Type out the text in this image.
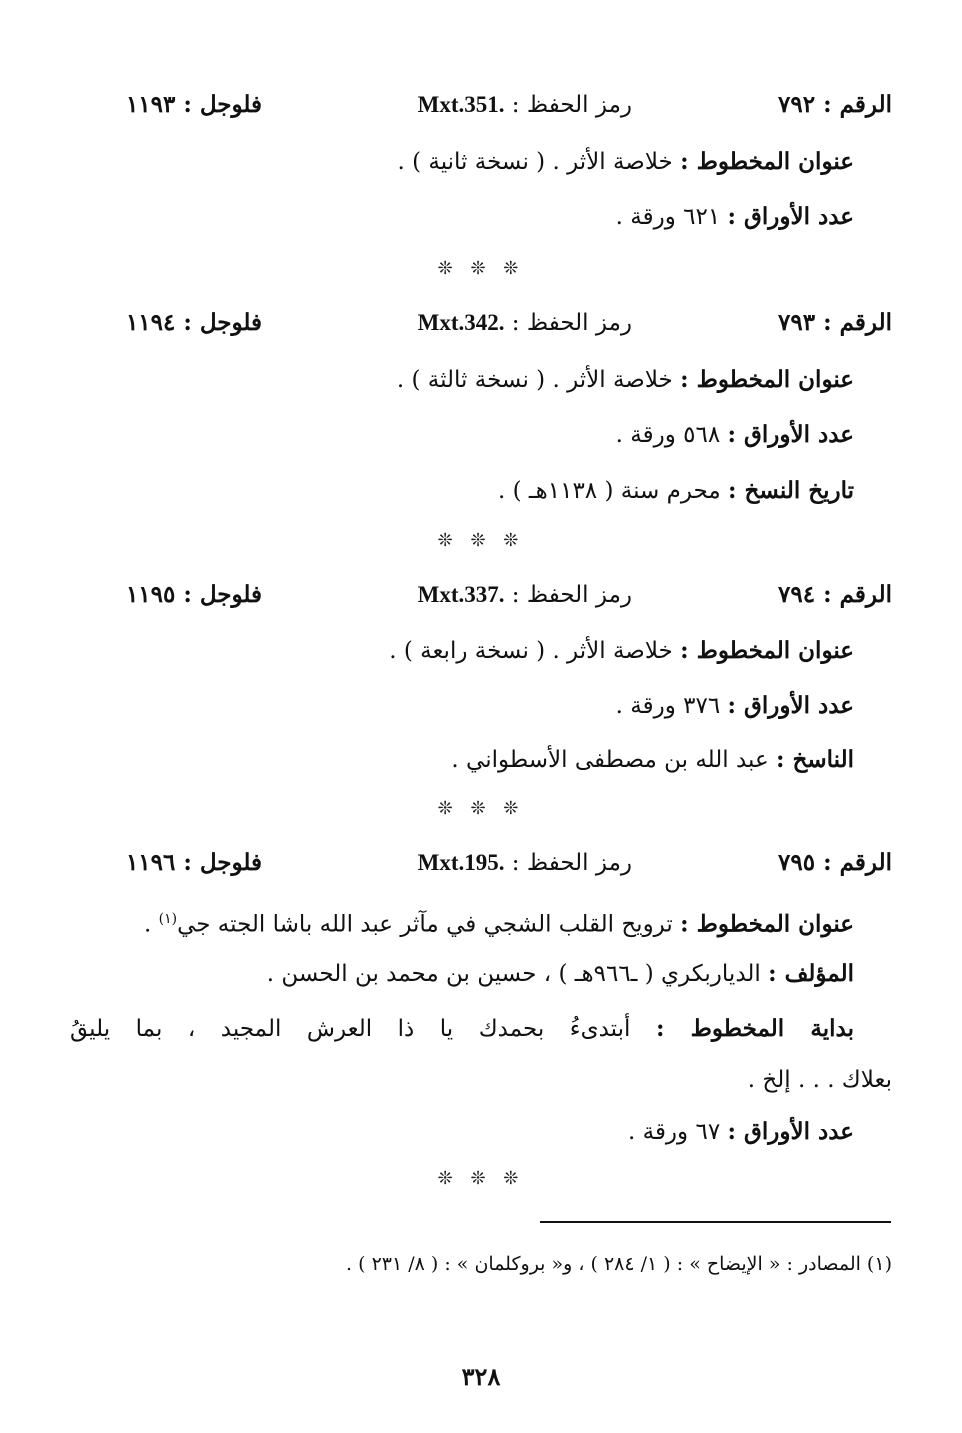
الرقم : ٧٩٢
رمز الحفظ : Mxt.351.
فلوجل : ١١٩٣
عنوان المخطوط : خلاصة الأثر . ( نسخة ثانية ) .
عدد الأوراق : ٦٢١ ورقة .
❊ ❊ ❊
الرقم : ٧٩٣
رمز الحفظ : Mxt.342.
فلوجل : ١١٩٤
عنوان المخطوط : خلاصة الأثر . ( نسخة ثالثة ) .
عدد الأوراق : ٥٦٨ ورقة .
تاريخ النسخ : محرم سنة ( ١١٣٨هـ ) .
❊ ❊ ❊
الرقم : ٧٩٤
رمز الحفظ : Mxt.337.
فلوجل : ١١٩٥
عنوان المخطوط : خلاصة الأثر . ( نسخة رابعة ) .
عدد الأوراق : ٣٧٦ ورقة .
الناسخ : عبد الله بن مصطفى الأسطواني .
❊ ❊ ❊
الرقم : ٧٩٥
رمز الحفظ : Mxt.195.
فلوجل : ١١٩٦
عنوان المخطوط : ترويح القلب الشجي في مآثر عبد الله باشا الجته جي$^{(١)}$ .
المؤلف : الدياربكري ( ـ٩٦٦هـ ) ، حسين بن محمد بن الحسن .
بداية المخطوط : أبتدىءُ بحمدك يا ذا العرش المجيد ، بما يليقُ
بعلاك . . . إلخ .
عدد الأوراق : ٦٧ ورقة .
❊ ❊ ❊
(١) المصادر : « الإيضاح » : ( ١/ ٢٨٤ ) ، و« بروكلمان » : ( ٨/ ٢٣١ ) .
٣٢٨
